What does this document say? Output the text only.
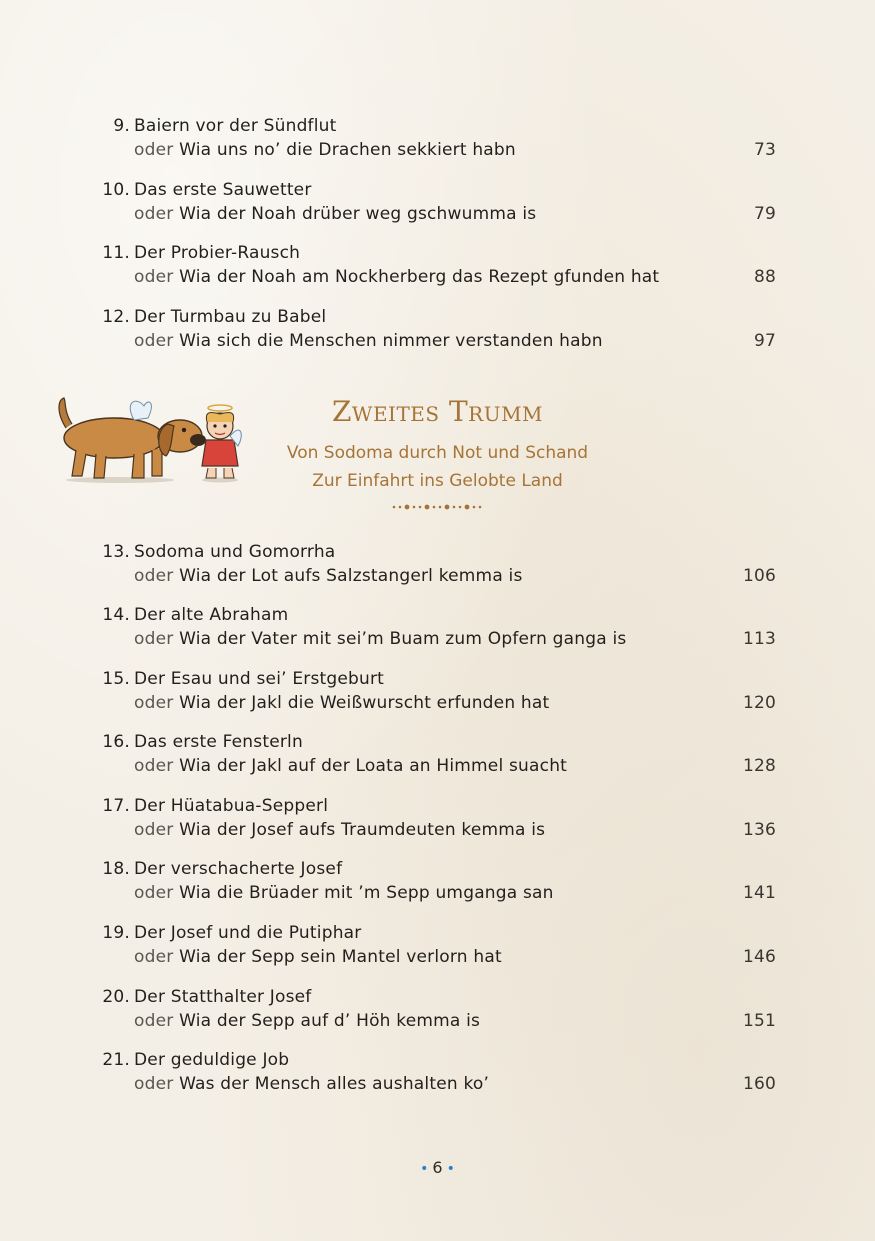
9. Baiern vor der Sündflut
oder Wia uns no’ die Drachen sekkiert habn	73
10. Das erste Sauwetter
oder Wia der Noah drüber weg gschwumma is	79
11. Der Probier-Rausch
oder Wia der Noah am Nockherberg das Rezept gfunden hat	88
12. Der Turmbau zu Babel
oder Wia sich die Menschen nimmer verstanden habn	97
Zweites Trumm
Von Sodoma durch Not und Schand
Zur Einfahrt ins Gelobte Land
13. Sodoma und Gomorrha
oder Wia der Lot aufs Salzstangerl kemma is	106
14. Der alte Abraham
oder Wia der Vater mit sei’m Buam zum Opfern ganga is	113
15. Der Esau und sei’ Erstgeburt
oder Wia der Jakl die Weißwurscht erfunden hat	120
16. Das erste Fensterln
oder Wia der Jakl auf der Loata an Himmel suacht	128
17. Der Hüatabua-Sepperl
oder Wia der Josef aufs Traumdeuten kemma is	136
18. Der verschacherte Josef
oder Wia die Brüader mit ’m Sepp umganga san	141
19. Der Josef und die Putiphar
oder Wia der Sepp sein Mantel verlorn hat	146
20. Der Statthalter Josef
oder Wia der Sepp auf d’ Höh kemma is	151
21. Der geduldige Job
oder Was der Mensch alles aushalten ko’	160
• 6 •
